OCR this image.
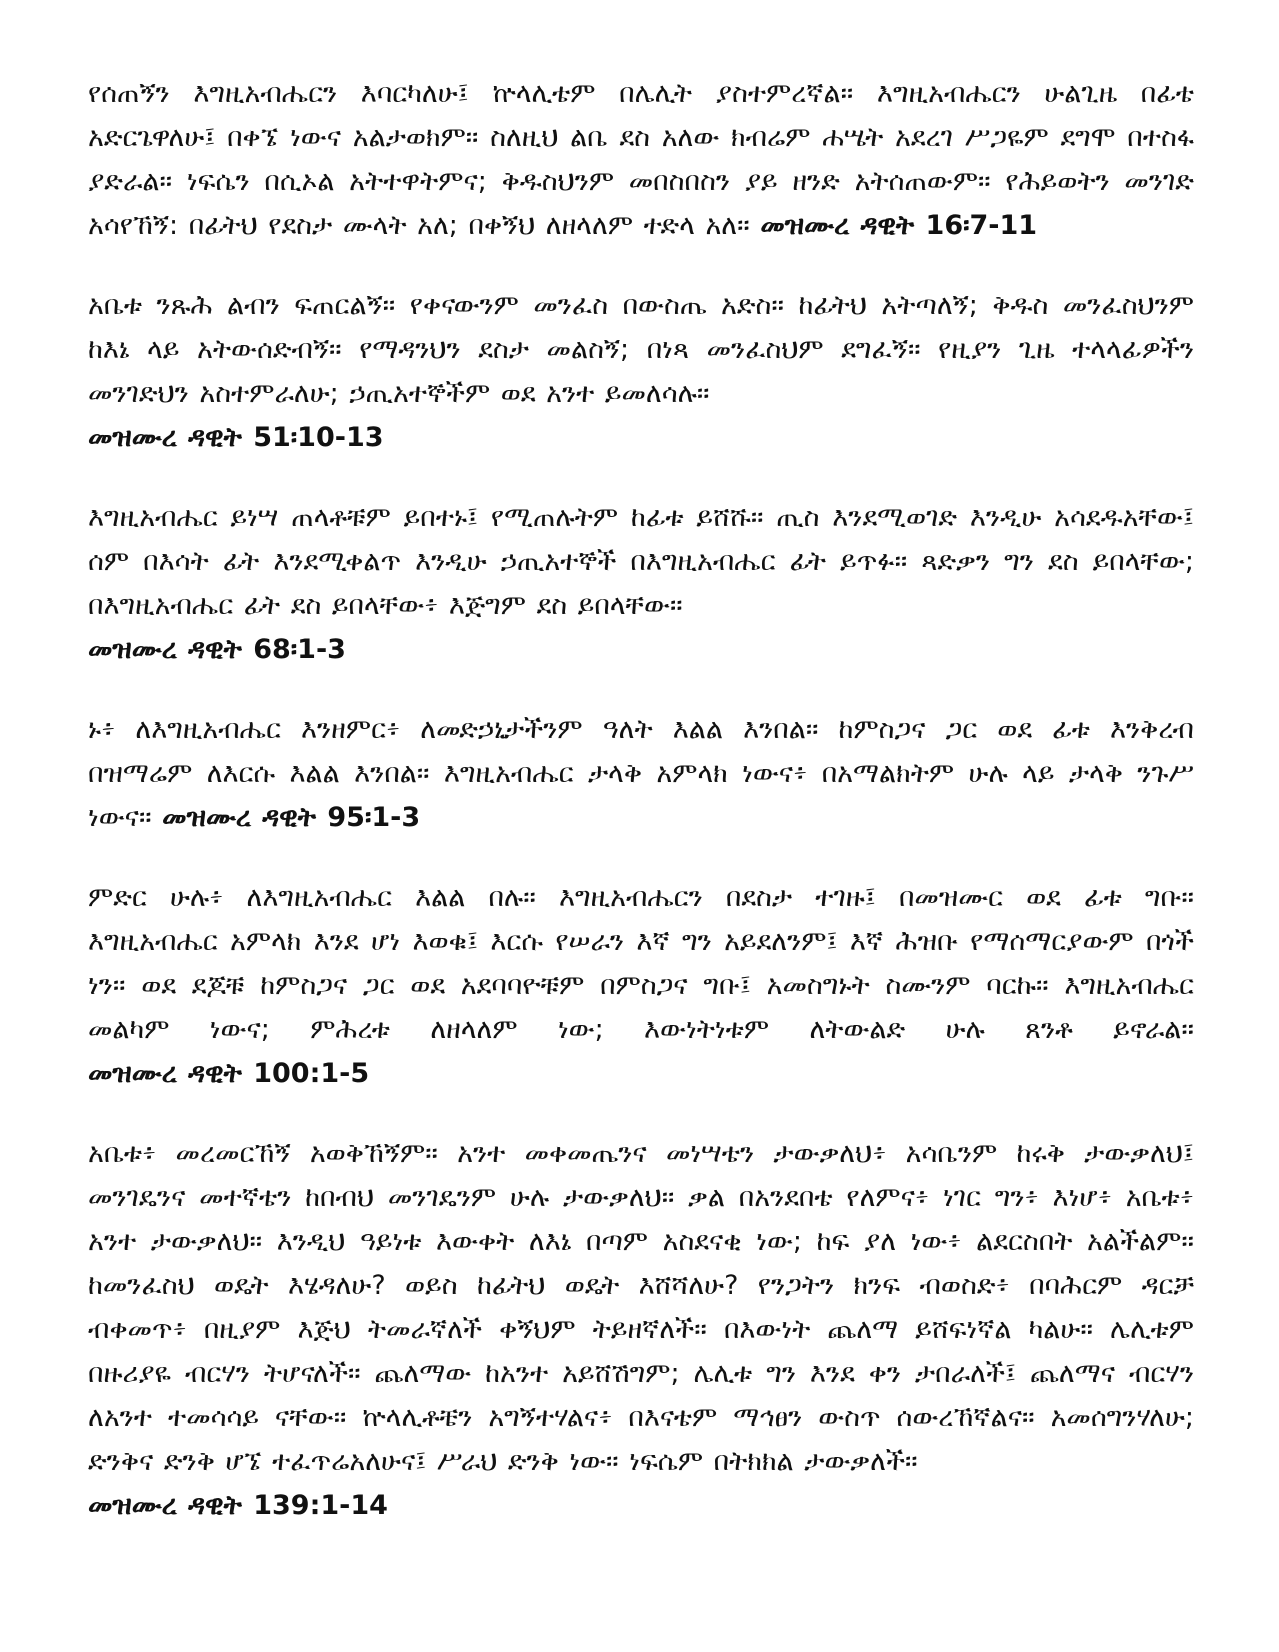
የሰጠኝን እግዚአብሔርን እባርካለሁ፤ ኵላሊቴም በሌሊት ያስተምረኛል። እግዚአብሔርን ሁልጊዜ በፊቴ አድርጌዋለሁ፤ በቀኜ ነውና አልታወክም። ስለዚህ ልቤ ደስ አለው ክብሬም ሐሤት አደረገ ሥጋዬም ደግሞ በተስፋ ያድራል። ነፍሴን በሲኦል አትተዋትምና; ቅዱስህንም መበስበስን ያይ ዘንድ አትሰጠውም። የሕይወትን መንገድ አሳየኸኝ: በፊትህ የደስታ ሙላት አለ; በቀኝህ ለዘላለም ተድላ አለ። መዝሙረ ዳዊት 16፡7-11

አቤቱ ንጹሕ ልብን ፍጠርልኝ። የቀናውንም መንፈስ በውስጤ አድስ። ከፊትህ አትጣለኝ; ቅዱስ መንፈስህንም ከእኔ ላይ አትውሰድብኝ። የማዳንህን ደስታ መልስኝ; በነጻ መንፈስህም ደግፈኝ። የዚያን ጊዜ ተላላፊዎችን መንገድህን አስተምራለሁ; ኃጢአተኞችም ወደ አንተ ይመለሳሉ።
መዝሙረ ዳዊት 51፡10-13

እግዚአብሔር ይነሣ ጠላቶቹም ይበተኑ፤ የሚጠሉትም ከፊቱ ይሸሹ። ጢስ እንደሚወገድ እንዲሁ አሳደዱአቸው፤ ሰም በእሳት ፊት እንደሚቀልጥ እንዲሁ ኃጢአተኞች በእግዚአብሔር ፊት ይጥፉ። ጻድቃን ግን ደስ ይበላቸው; በእግዚአብሔር ፊት ደስ ይበላቸው፥ እጅግም ደስ ይበላቸው።
መዝሙረ ዳዊት 68፡1-3

ኑ፥ ለእግዚአብሔር እንዘምር፥ ለመድኃኒታችንም ዓለት እልል እንበል። ከምስጋና ጋር ወደ ፊቱ እንቅረብ በዝማሬም ለእርሱ እልል እንበል። እግዚአብሔር ታላቅ አምላክ ነውና፥ በአማልክትም ሁሉ ላይ ታላቅ ንጉሥ ነውና። መዝሙረ ዳዊት 95፡1-3

ምድር ሁሉ፥ ለእግዚአብሔር እልል በሉ። እግዚአብሔርን በደስታ ተገዙ፤ በመዝሙር ወደ ፊቱ ግቡ። እግዚአብሔር አምላክ እንደ ሆነ እወቁ፤ እርሱ የሠራን እኛ ግን አይደለንም፤ እኛ ሕዝቡ የማሰማርያውም በጎች ነን። ወደ ደጆቹ ከምስጋና ጋር ወደ አደባባዮቹም በምስጋና ግቡ፤ አመስግኑት ስሙንም ባርኩ። እግዚአብሔር መልካም ነውና; ምሕረቱ ለዘላለም ነው; እውነትነቱም ለትውልድ ሁሉ ጸንቶ ይኖራል። መዝሙረ ዳዊት 100:1-5

አቤቱ፥ መረመርኸኝ አወቅኸኝም። አንተ መቀመጤንና መነሣቴን ታውቃለህ፥ አሳቤንም ከሩቅ ታውቃለህ፤ መንገዴንና መተኛቴን ከበብህ መንገዴንም ሁሉ ታውቃለህ። ቃል በአንደበቴ የለምና፥ ነገር ግን፥ እነሆ፥ አቤቱ፥ አንተ ታውቃለህ። እንዲህ ዓይነቱ እውቀት ለእኔ በጣም አስደናቂ ነው; ከፍ ያለ ነው፥ ልደርስበት አልችልም። ከመንፈስህ ወዴት እሄዳለሁ? ወይስ ከፊትህ ወዴት እሸሻለሁ? የንጋትን ክንፍ ብወስድ፥ በባሕርም ዳርቻ ብቀመጥ፥ በዚያም እጅህ ትመራኛለች ቀኝህም ትይዘኛለች። በእውነት ጨለማ ይሸፍነኛል ካልሁ። ሌሊቱም በዙሪያዬ ብርሃን ትሆናለች። ጨለማው ከአንተ አይሸሽግም; ሌሊቱ ግን እንደ ቀን ታበራለች፤ ጨለማና ብርሃን ለአንተ ተመሳሳይ ናቸው። ኵላሊቶቼን አግኝተሃልና፥ በእናቴም ማኅፀን ውስጥ ሰውረኸኛልና። አመሰግንሃለሁ; ድንቅና ድንቅ ሆኜ ተፈጥሬአለሁና፤ ሥራህ ድንቅ ነው። ነፍሴም በትክክል ታውቃለች።
መዝሙረ ዳዊት 139:1-14
